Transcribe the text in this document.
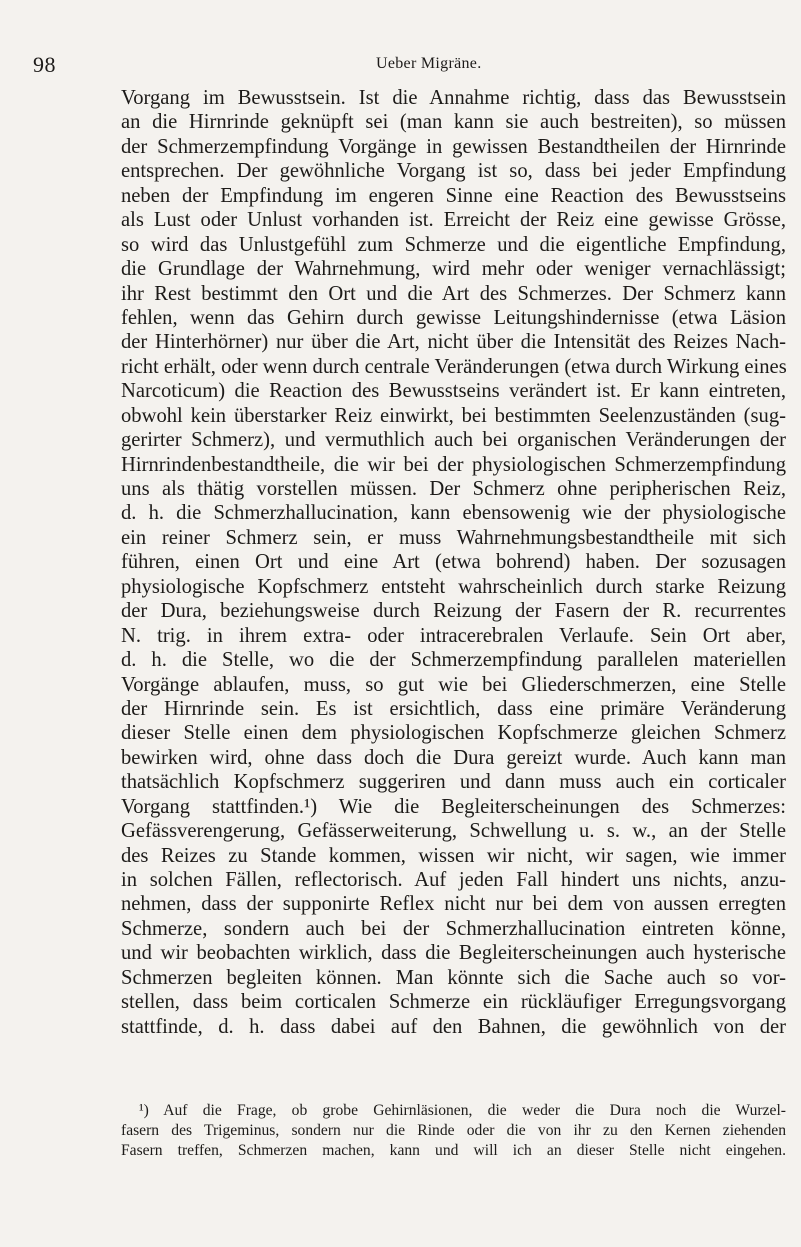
98	Ueber Migräne.
Vorgang im Bewusstsein. Ist die Annahme richtig, dass das Bewusstsein
an die Hirnrinde geknüpft sei (man kann sie auch bestreiten), so müssen
der Schmerzempfindung Vorgänge in gewissen Bestandtheilen der Hirnrinde
entsprechen. Der gewöhnliche Vorgang ist so, dass bei jeder Empfindung
neben der Empfindung im engeren Sinne eine Reaction des Bewusstseins
als Lust oder Unlust vorhanden ist. Erreicht der Reiz eine gewisse Grösse,
so wird das Unlustgefühl zum Schmerze und die eigentliche Empfindung,
die Grundlage der Wahrnehmung, wird mehr oder weniger vernachlässigt;
ihr Rest bestimmt den Ort und die Art des Schmerzes. Der Schmerz kann
fehlen, wenn das Gehirn durch gewisse Leitungshindernisse (etwa Läsion
der Hinterhörner) nur über die Art, nicht über die Intensität des Reizes Nach-
richt erhält, oder wenn durch centrale Veränderungen (etwa durch Wirkung eines
Narcoticum) die Reaction des Bewusstseins verändert ist. Er kann eintreten,
obwohl kein überstarker Reiz einwirkt, bei bestimmten Seelenzuständen (sug-
gerirter Schmerz), und vermuthlich auch bei organischen Veränderungen der
Hirnrindenbestandtheile, die wir bei der physiologischen Schmerzempfindung
uns als thätig vorstellen müssen. Der Schmerz ohne peripherischen Reiz,
d. h. die Schmerzhallucination, kann ebensowenig wie der physiologische
ein reiner Schmerz sein, er muss Wahrnehmungsbestandtheile mit sich
führen, einen Ort und eine Art (etwa bohrend) haben. Der sozusagen
physiologische Kopfschmerz entsteht wahrscheinlich durch starke Reizung
der Dura, beziehungsweise durch Reizung der Fasern der R. recurrentes
N. trig. in ihrem extra- oder intracerebralen Verlaufe. Sein Ort aber,
d. h. die Stelle, wo die der Schmerzempfindung parallelen materiellen
Vorgänge ablaufen, muss, so gut wie bei Gliederschmerzen, eine Stelle
der Hirnrinde sein. Es ist ersichtlich, dass eine primäre Veränderung
dieser Stelle einen dem physiologischen Kopfschmerze gleichen Schmerz
bewirken wird, ohne dass doch die Dura gereizt wurde. Auch kann man
thatsächlich Kopfschmerz suggeriren und dann muss auch ein corticaler
Vorgang stattfinden.¹) Wie die Begleiterscheinungen des Schmerzes:
Gefässverengerung, Gefässerweiterung, Schwellung u. s. w., an der Stelle
des Reizes zu Stande kommen, wissen wir nicht, wir sagen, wie immer
in solchen Fällen, reflectorisch. Auf jeden Fall hindert uns nichts, anzu-
nehmen, dass der supponirte Reflex nicht nur bei dem von aussen erregten
Schmerze, sondern auch bei der Schmerzhallucination eintreten könne,
und wir beobachten wirklich, dass die Begleiterscheinungen auch hysterische
Schmerzen begleiten können. Man könnte sich die Sache auch so vor-
stellen, dass beim corticalen Schmerze ein rückläufiger Erregungsvorgang
stattfinde, d. h. dass dabei auf den Bahnen, die gewöhnlich von der
¹) Auf die Frage, ob grobe Gehirnläsionen, die weder die Dura noch die Wurzel-
fasern des Trigeminus, sondern nur die Rinde oder die von ihr zu den Kernen ziehenden
Fasern treffen, Schmerzen machen, kann und will ich an dieser Stelle nicht eingehen.
